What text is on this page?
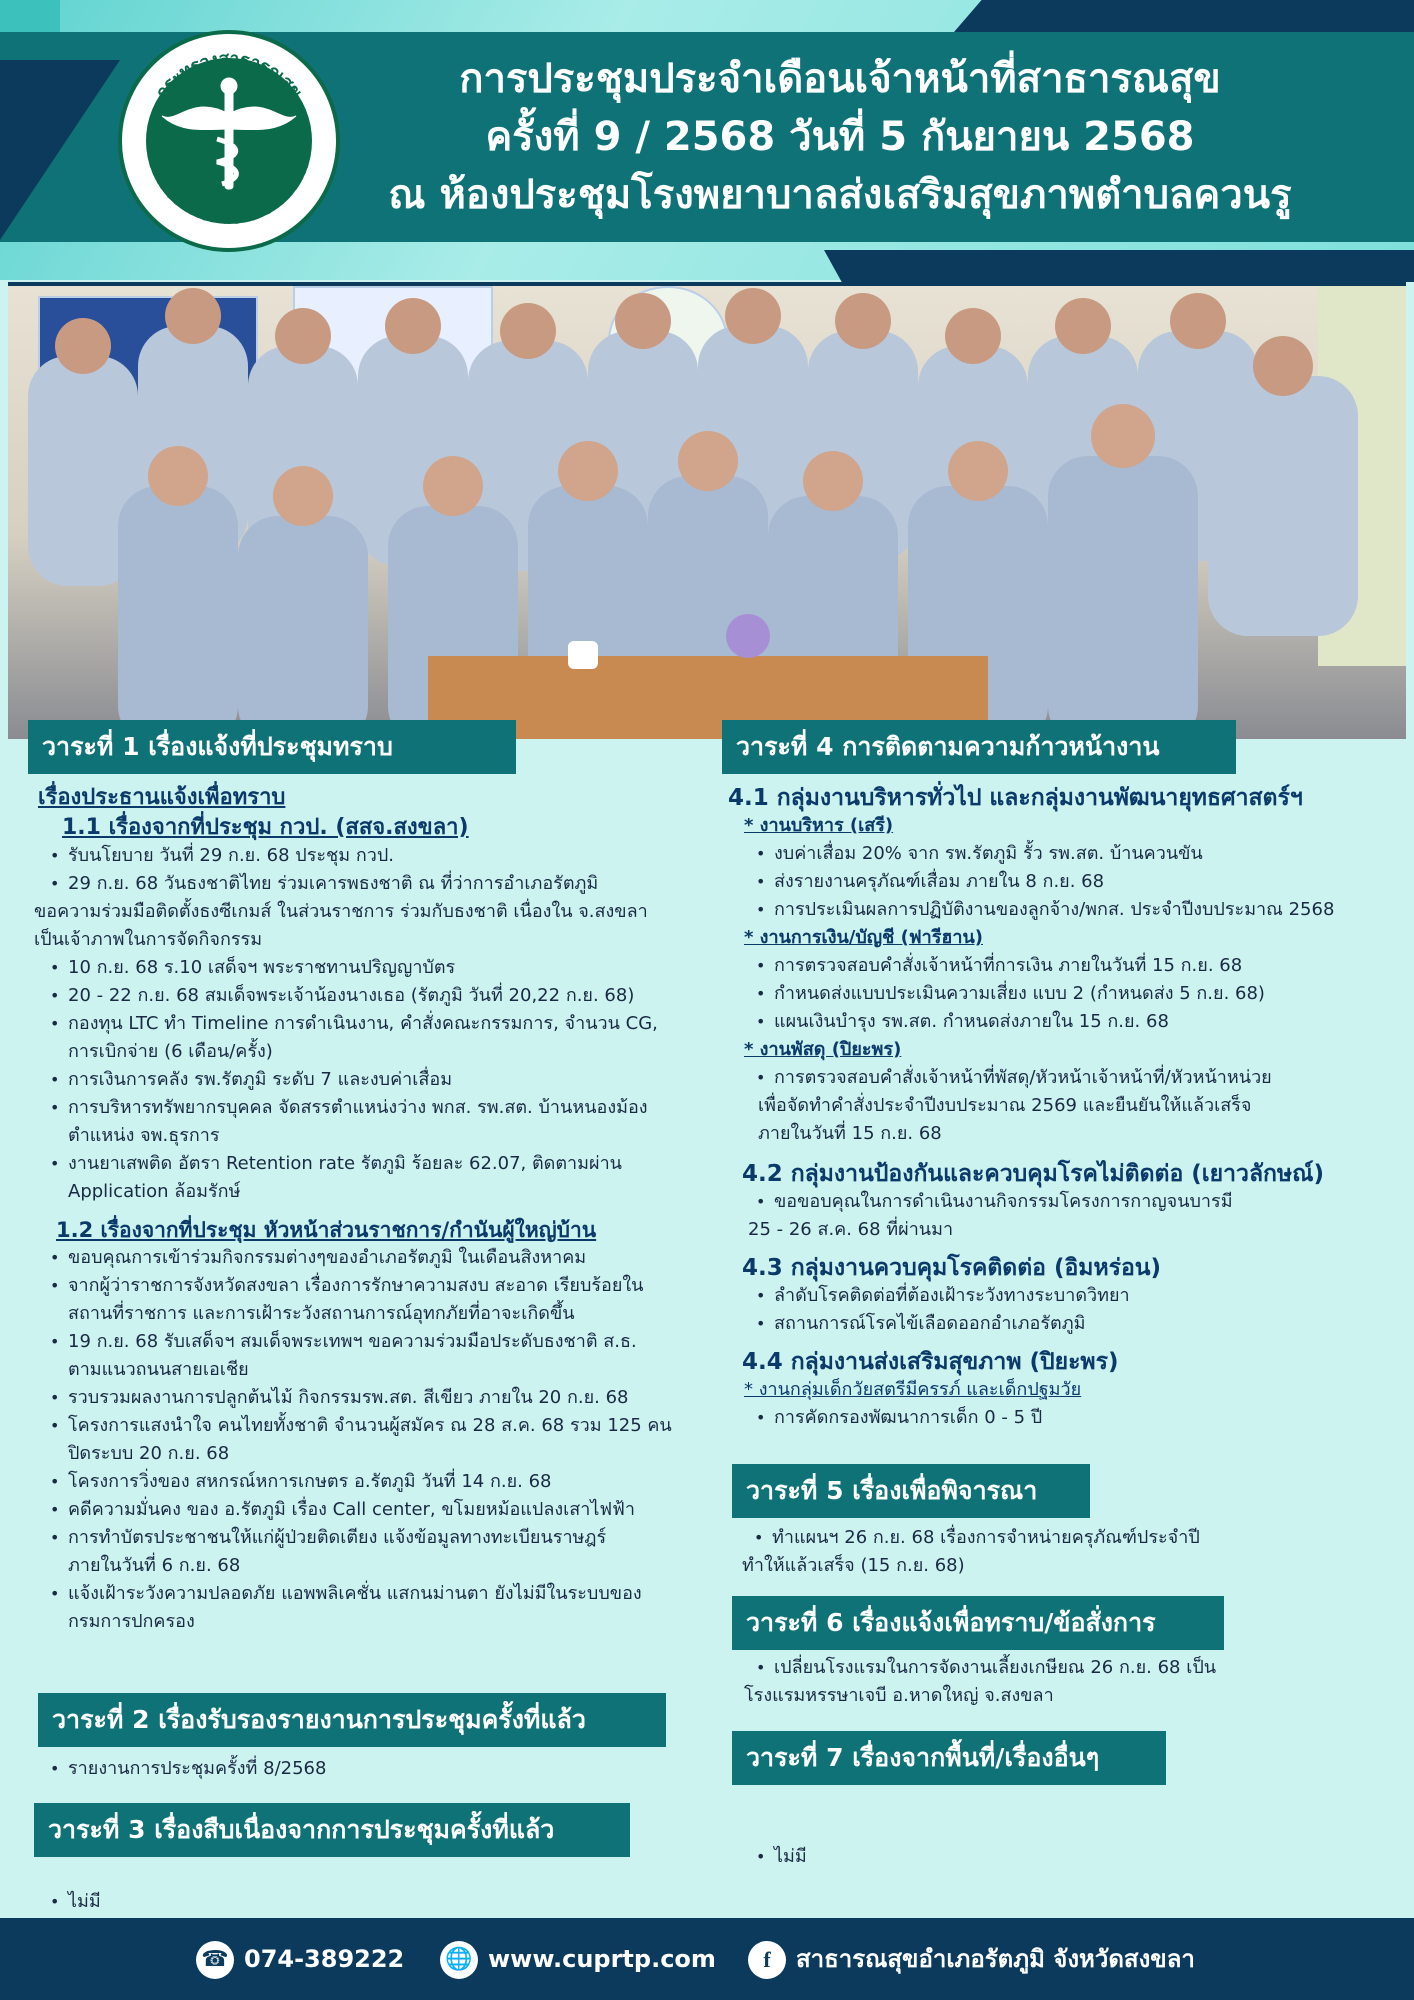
กระทรวงสาธารณสุข
MINISTRY OF PUBLIC HEALTH
การประชุมประจำเดือนเจ้าหน้าที่สาธารณสุข
ครั้งที่ 9 / 2568 วันที่ 5 กันยายน 2568
ณ ห้องประชุมโรงพยาบาลส่งเสริมสุขภาพตำบลควนรู
วาระที่ 1 เรื่องแจ้งที่ประชุมทราบ
เรื่องประธานแจ้งเพื่อทราบ
1.1 เรื่องจากที่ประชุม กวป. (สสจ.สงขลา)
• รับนโยบาย วันที่ 29 ก.ย. 68 ประชุม กวป.
• 29 ก.ย. 68 วันธงชาติไทย ร่วมเคารพธงชาติ ณ ที่ว่าการอำเภอรัตภูมิ
ขอความร่วมมือติดตั้งธงซีเกมส์ ในส่วนราชการ ร่วมกับธงชาติ เนื่องใน จ.สงขลา
เป็นเจ้าภาพในการจัดกิจกรรม
• 10 ก.ย. 68 ร.10 เสด็จฯ พระราชทานปริญญาบัตร
• 20 - 22 ก.ย. 68 สมเด็จพระเจ้าน้องนางเธอ (รัตภูมิ วันที่ 20,22 ก.ย. 68)
• กองทุน LTC ทำ Timeline การดำเนินงาน, คำสั่งคณะกรรมการ, จำนวน CG,
การเบิกจ่าย (6 เดือน/ครั้ง)
• การเงินการคลัง รพ.รัตภูมิ ระดับ 7 และงบค่าเสื่อม
• การบริหารทรัพยากรบุคคล จัดสรรตำแหน่งว่าง พกส. รพ.สต. บ้านหนองม้อง
ตำแหน่ง จพ.ธุรการ
• งานยาเสพติด อัตรา Retention rate รัตภูมิ ร้อยละ 62.07, ติดตามผ่าน
Application ล้อมรักษ์
1.2 เรื่องจากที่ประชุม หัวหน้าส่วนราชการ/กำนันผู้ใหญ่บ้าน
• ขอบคุณการเข้าร่วมกิจกรรมต่างๆของอำเภอรัตภูมิ ในเดือนสิงหาคม
• จากผู้ว่าราชการจังหวัดสงขลา เรื่องการรักษาความสงบ สะอาด เรียบร้อยใน
สถานที่ราชการ และการเฝ้าระวังสถานการณ์อุทกภัยที่อาจะเกิดขึ้น
• 19 ก.ย. 68 รับเสด็จฯ สมเด็จพระเทพฯ ขอความร่วมมือประดับธงชาติ ส.ธ.
ตามแนวถนนสายเอเชีย
• รวบรวมผลงานการปลูกต้นไม้ กิจกรรมรพ.สต. สีเขียว ภายใน 20 ก.ย. 68
• โครงการแสงนำใจ คนไทยทั้งชาติ จำนวนผู้สมัคร ณ 28 ส.ค. 68 รวม 125 คน
ปิดระบบ 20 ก.ย. 68
• โครงการวิ่งของ สหกรณ์หการเกษตร อ.รัตภูมิ วันที่ 14 ก.ย. 68
• คดีความมั่นคง ของ อ.รัตภูมิ เรื่อง Call center, ขโมยหม้อแปลงเสาไฟฟ้า
• การทำบัตรประชาชนให้แก่ผู้ป่วยติดเตียง แจ้งข้อมูลทางทะเบียนราษฎร์
ภายในวันที่ 6 ก.ย. 68
• แจ้งเฝ้าระวังความปลอดภัย แอพพลิเคชั่น แสกนม่านตา ยังไม่มีในระบบของ
กรมการปกครอง
วาระที่ 2 เรื่องรับรองรายงานการประชุมครั้งที่แล้ว
• รายงานการประชุมครั้งที่ 8/2568
วาระที่ 3 เรื่องสืบเนื่องจากการประชุมครั้งที่แล้ว
• ไม่มี
วาระที่ 4 การติดตามความก้าวหน้างาน
4.1 กลุ่มงานบริหารทั่วไป และกลุ่มงานพัฒนายุทธศาสตร์ฯ
* งานบริหาร (เสรี)
• งบค่าเสื่อม 20% จาก รพ.รัตภูมิ รั้ว รพ.สต. บ้านควนขัน
• ส่งรายงานครุภัณฑ์เสื่อม ภายใน 8 ก.ย. 68
• การประเมินผลการปฏิบัติงานของลูกจ้าง/พกส. ประจำปีงบประมาณ 2568
* งานการเงิน/บัญชี (ฟารีฮาน)
• การตรวจสอบคำสั่งเจ้าหน้าที่การเงิน ภายในวันที่ 15 ก.ย. 68
• กำหนดส่งแบบประเมินความเสี่ยง แบบ 2 (กำหนดส่ง 5 ก.ย. 68)
• แผนเงินบำรุง รพ.สต. กำหนดส่งภายใน 15 ก.ย. 68
* งานพัสดุ (ปิยะพร)
• การตรวจสอบคำสั่งเจ้าหน้าที่พัสดุ/หัวหน้าเจ้าหน้าที่/หัวหน้าหน่วย
เพื่อจัดทำคำสั่งประจำปีงบประมาณ 2569 และยืนยันให้แล้วเสร็จ
ภายในวันที่ 15 ก.ย. 68
4.2 กลุ่มงานป้องกันและควบคุมโรคไม่ติดต่อ (เยาวลักษณ์)
• ขอขอบคุณในการดำเนินงานกิจกรรมโครงการกาญจนบารมี
25 - 26 ส.ค. 68 ที่ผ่านมา
4.3 กลุ่มงานควบคุมโรคติดต่อ (อิมหร่อน)
• ลำดับโรคติดต่อที่ต้องเฝ้าระวังทางระบาดวิทยา
• สถานการณ์โรคไข้เลือดออกอำเภอรัตภูมิ
4.4 กลุ่มงานส่งเสริมสุขภาพ (ปิยะพร)
* งานกลุ่มเด็กวัยสตรีมีครรภ์ และเด็กปฐมวัย
• การคัดกรองพัฒนาการเด็ก 0 - 5 ปี
วาระที่ 5 เรื่องเพื่อพิจารณา
• ทำแผนฯ 26 ก.ย. 68 เรื่องการจำหน่ายครุภัณฑ์ประจำปี
ทำให้แล้วเสร็จ (15 ก.ย. 68)
วาระที่ 6 เรื่องแจ้งเพื่อทราบ/ข้อสั่งการ
• เปลี่ยนโรงแรมในการจัดงานเลี้ยงเกษียณ 26 ก.ย. 68 เป็น
โรงแรมหรรษาเจบี อ.หาดใหญ่ จ.สงขลา
วาระที่ 7 เรื่องจากพื้นที่/เรื่องอื่นๆ
• ไม่มี
☎ 074-389222 🌐 www.cuprtp.com	f สาธารณสุขอำเภอรัตภูมิ จังหวัดสงขลา
